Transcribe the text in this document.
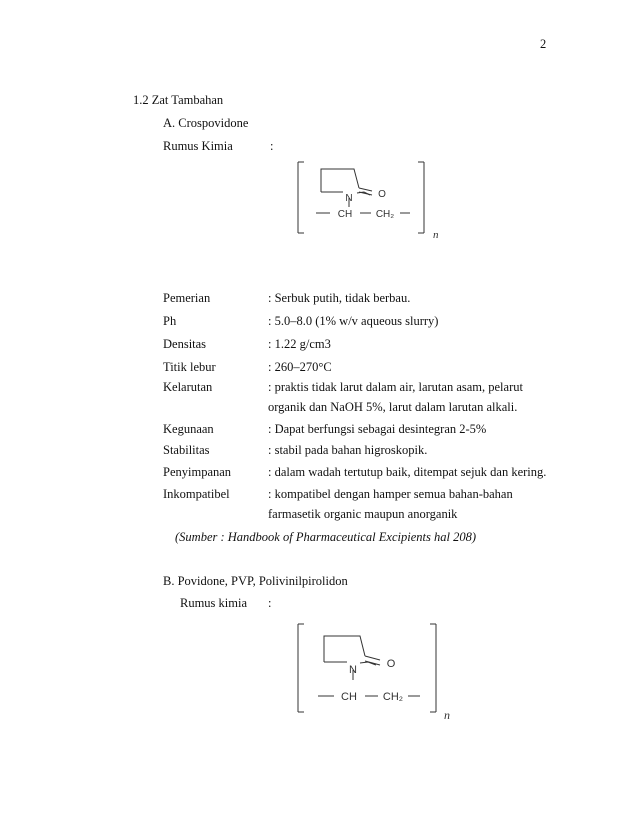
2
1.2 Zat Tambahan
A. Crospovidone
Rumus Kimia	:
N	O
CH CH₂
n
Pemerian	: Serbuk putih, tidak berbau.
Ph	: 5.0–8.0 (1% w/v aqueous slurry)
Densitas	: 1.22 g/cm3
Titik lebur	: 260–270°C
Kelarutan	: praktis tidak larut dalam air, larutan asam, pelarut
organik dan NaOH 5%, larut dalam larutan alkali.
Kegunaan	: Dapat berfungsi sebagai desintegran 2-5%
Stabilitas	: stabil pada bahan higroskopik.
Penyimpanan	: dalam wadah tertutup baik, ditempat sejuk dan kering.
Inkompatibel	: kompatibel dengan hamper semua bahan-bahan
farmasetik organic maupun anorganik
(Sumber : Handbook of Pharmaceutical Excipients hal 208)
B. Povidone, PVP, Polivinilpirolidon
Rumus kimia :
N	O
CH CH₂
n
